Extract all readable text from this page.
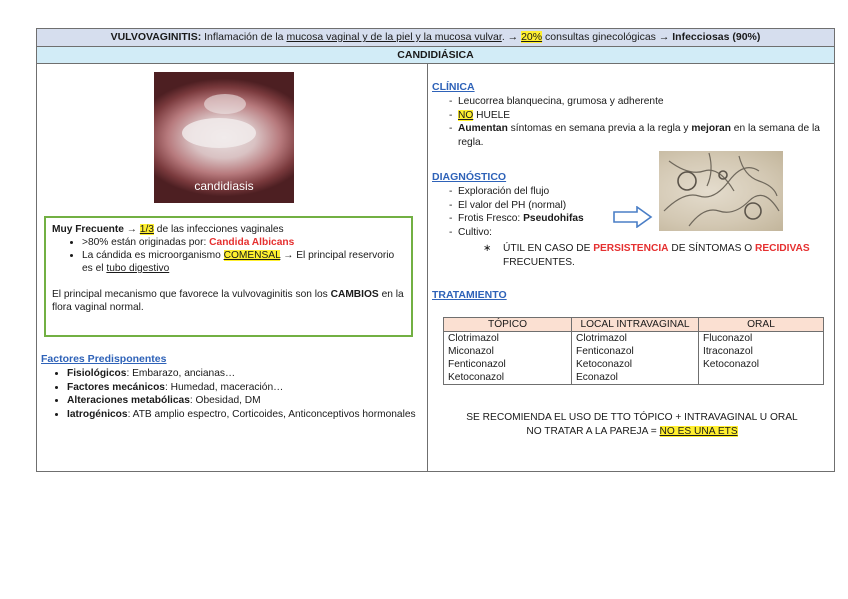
VULVOVAGINITIS: Inflamación de la mucosa vaginal y de la piel y la mucosa vulvar. → 20% consultas ginecológicas → Infecciosas (90%)
CANDIDIÁSICA
candidiasis
Muy Frecuente → 1/3 de las infecciones vaginales
• >80% están originadas por: Candida Albicans
• La cándida es microorganismo COMENSAL → El principal reservorio es el tubo digestivo
El principal mecanismo que favorece la vulvovaginitis son los CAMBIOS en la flora vaginal normal.
Factores Predisponentes
• Fisiológicos: Embarazo, ancianas…
• Factores mecánicos: Humedad, maceración…
• Alteraciones metabólicas: Obesidad, DM
• Iatrogénicos: ATB amplio espectro, Corticoides, Anticonceptivos hormonales
CLÍNICA
- Leucorrea blanquecina, grumosa y adherente
- NO HUELE
- Aumentan síntomas en semana previa a la regla y mejoran en la semana de la regla.
DIAGNÓSTICO
- Exploración del flujo
- El valor del PH (normal)
- Frotis Fresco: Pseudohifas
- Cultivo:
∗ ÚTIL EN CASO DE PERSISTENCIA DE SÍNTOMAS O RECIDIVAS FRECUENTES.
TRATAMIENTO
TÓPICO	LOCAL INTRAVAGINAL	ORAL
Clotrimazol	Clotrimazol	Fluconazol
Miconazol	Fenticonazol	Itraconazol
Fenticonazol	Ketoconazol	Ketoconazol
Ketoconazol	Econazol	
SE RECOMIENDA EL USO DE TTO TÓPICO + INTRAVAGINAL U ORAL
NO TRATAR A LA PAREJA = NO ES UNA ETS
